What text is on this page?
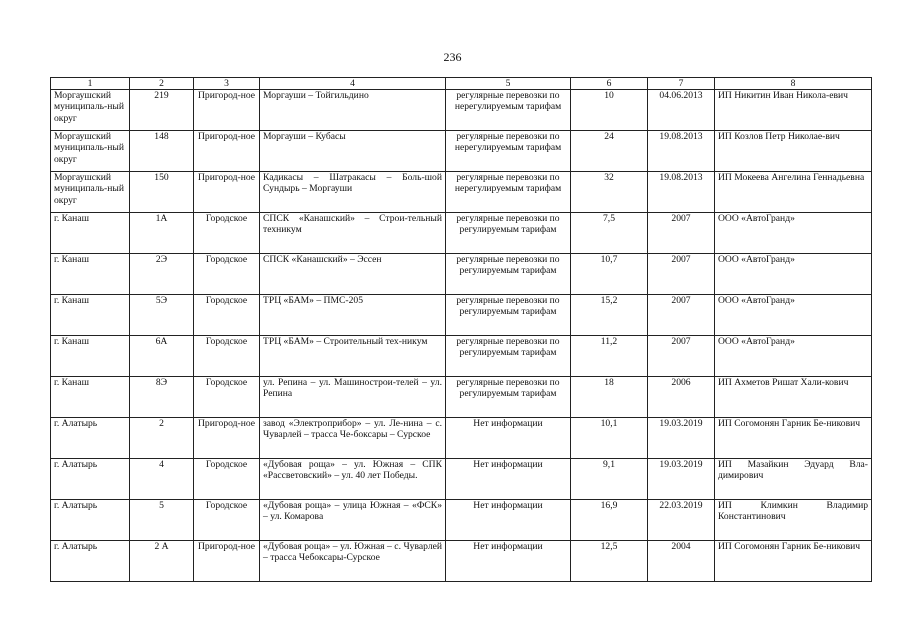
236
1	2	3	4	5	6	7	8
Моргаушский муниципаль-ный округ	219	Пригород-ное	Моргауши – Тойгильдино	регулярные перевозки по нерегулируемым тарифам	10	04.06.2013	ИП Никитин Иван Никола-евич
Моргаушский муниципаль-ный округ	148	Пригород-ное	Моргауши – Кубасы	регулярные перевозки по нерегулируемым тарифам	24	19.08.2013	ИП Козлов Петр Николае-вич
Моргаушский муниципаль-ный округ	150	Пригород-ное	Кадикасы – Шатракасы – Боль-шой Сундырь – Моргауши	регулярные перевозки по нерегулируемым тарифам	32	19.08.2013	ИП Мокеева Ангелина Геннадьевна
г. Канаш	1А	Городское	СПСК «Канашский» – Строи-тельный техникум	регулярные перевозки по регулируемым тарифам	7,5	2007	ООО «АвтоГранд»
г. Канаш	2Э	Городское	СПСК «Канашский» – Эссен	регулярные перевозки по регулируемым тарифам	10,7	2007	ООО «АвтоГранд»
г. Канаш	5Э	Городское	ТРЦ «БАМ» – ПМС-205	регулярные перевозки по регулируемым тарифам	15,2	2007	ООО «АвтоГранд»
г. Канаш	6А	Городское	ТРЦ «БАМ» – Строительный тех-никум	регулярные перевозки по регулируемым тарифам	11,2	2007	ООО «АвтоГранд»
г. Канаш	8Э	Городское	ул. Репина – ул. Машинострои-телей – ул. Репина	регулярные перевозки по регулируемым тарифам	18	2006	ИП Ахметов Ришат Хали-кович
г. Алатырь	2	Пригород-ное	завод «Электроприбор» – ул. Ле-нина – с. Чуварлей – трасса Че-боксары – Сурское	Нет информации	10,1	19.03.2019	ИП Согомонян Гарник Бе-никович
г. Алатырь	4	Городское	«Дубовая роща» – ул. Южная – СПК «Рассветовский» – ул. 40 лет Победы.	Нет информации	9,1	19.03.2019	ИП Мазайкин Эдуард Вла-димирович
г. Алатырь	5	Городское	«Дубовая роща» – улица Южная – «ФСК» – ул. Комарова	Нет информации	16,9	22.03.2019	ИП Климкин Владимир Константинович
г. Алатырь	2 А	Пригород-ное	«Дубовая роща» – ул. Южная – с. Чуварлей – трасса Чебоксары-Сурское	Нет информации	12,5	2004	ИП Согомонян Гарник Бе-никович
